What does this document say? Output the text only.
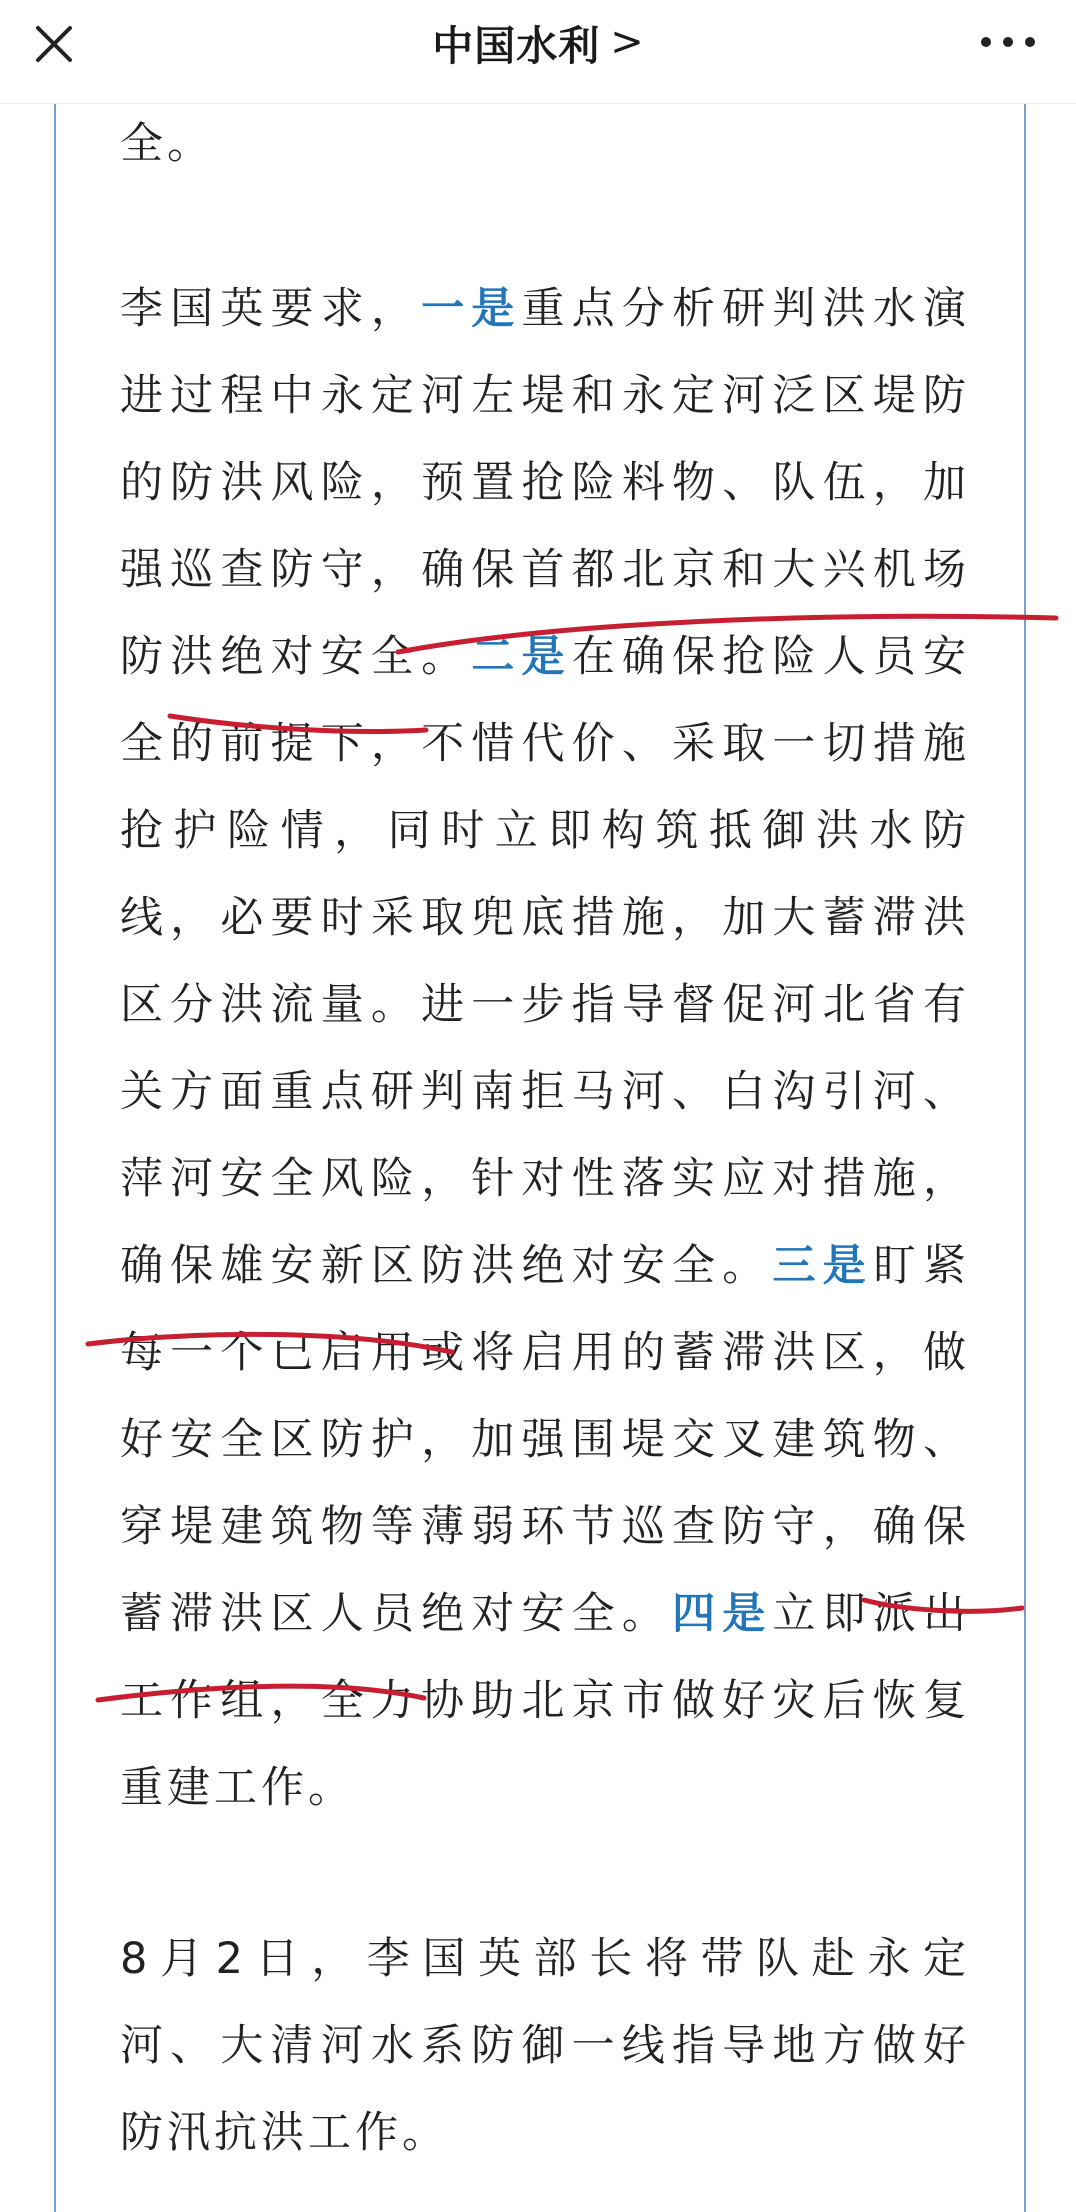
中国水利 >
全。
李国英要求，一是重点分析研判洪水演
进过程中永定河左堤和永定河泛区堤防
的防洪风险，预置抢险料物、队伍，加
强巡查防守，确保首都北京和大兴机场
防洪绝对安全。二是在确保抢险人员安
全的前提下，不惜代价、采取一切措施
抢护险情，同时立即构筑抵御洪水防
线，必要时采取兜底措施，加大蓄滞洪
区分洪流量。进一步指导督促河北省有
关方面重点研判南拒马河、白沟引河、
萍河安全风险，针对性落实应对措施，
确保雄安新区防洪绝对安全。三是盯紧
每一个已启用或将启用的蓄滞洪区，做
好安全区防护，加强围堤交叉建筑物、
穿堤建筑物等薄弱环节巡查防守，确保
蓄滞洪区人员绝对安全。四是立即派出
工作组，全力协助北京市做好灾后恢复
重建工作。
8月2日，李国英部长将带队赴永定
河、大清河水系防御一线指导地方做好
防汛抗洪工作。
